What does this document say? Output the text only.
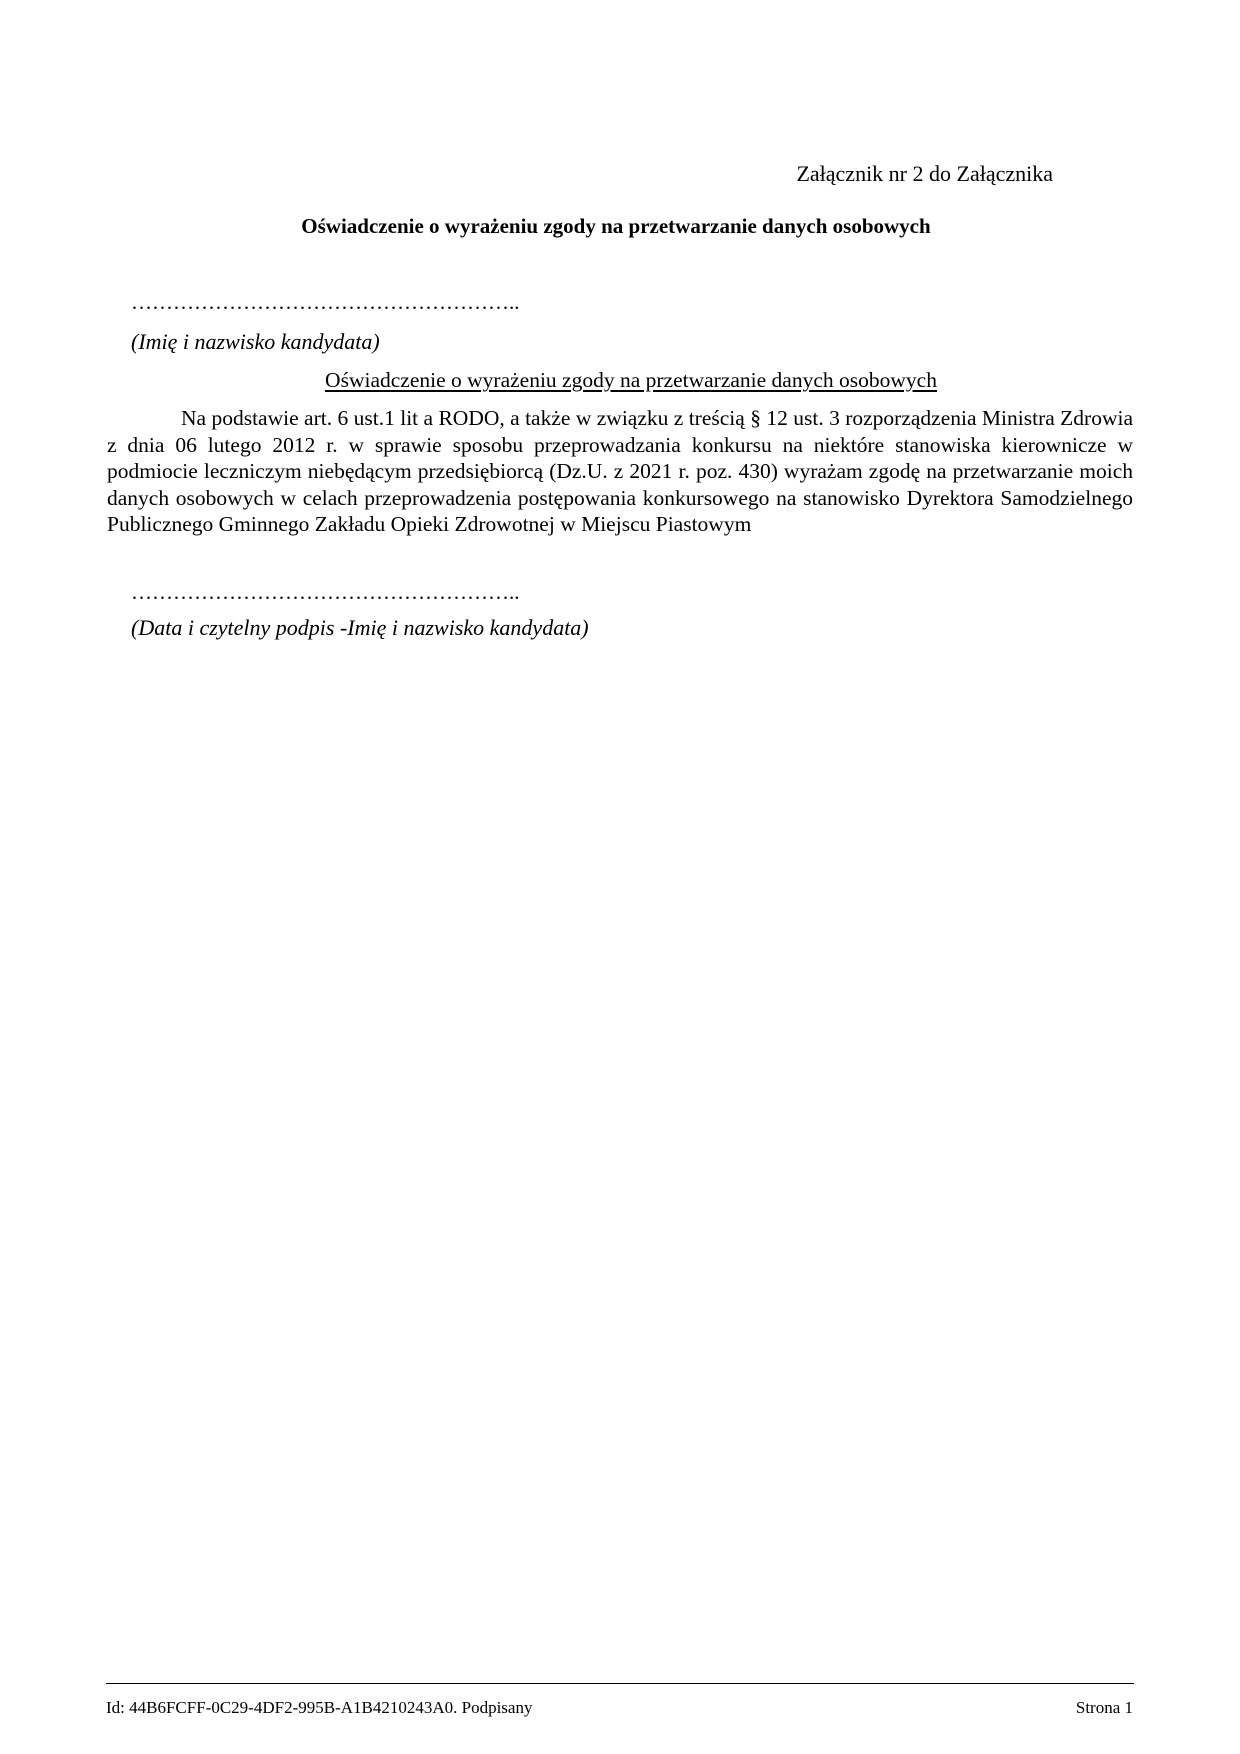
Załącznik nr 2 do Załącznika

Oświadczenie o wyrażeniu zgody na przetwarzanie danych osobowych

………………………………………………..

(Imię i nazwisko kandydata)

Oświadczenie o wyrażeniu zgody na przetwarzanie danych osobowych

Na podstawie art. 6 ust.1 lit a RODO, a także w związku z treścią § 12 ust. 3 rozporządzenia Ministra Zdrowia z dnia 06 lutego 2012 r. w sprawie sposobu przeprowadzania konkursu na niektóre stanowiska kierownicze w podmiocie leczniczym niebędącym przedsiębiorcą (Dz.U. z 2021 r. poz. 430) wyrażam zgodę na przetwarzanie moich danych osobowych w celach przeprowadzenia postępowania konkursowego na stanowisko Dyrektora Samodzielnego Publicznego Gminnego Zakładu Opieki Zdrowotnej w Miejscu Piastowym

………………………………………………..

(Data i czytelny podpis -Imię i nazwisko kandydata)

Id: 44B6FCFF-0C29-4DF2-995B-A1B4210243A0. Podpisany	Strona 1
